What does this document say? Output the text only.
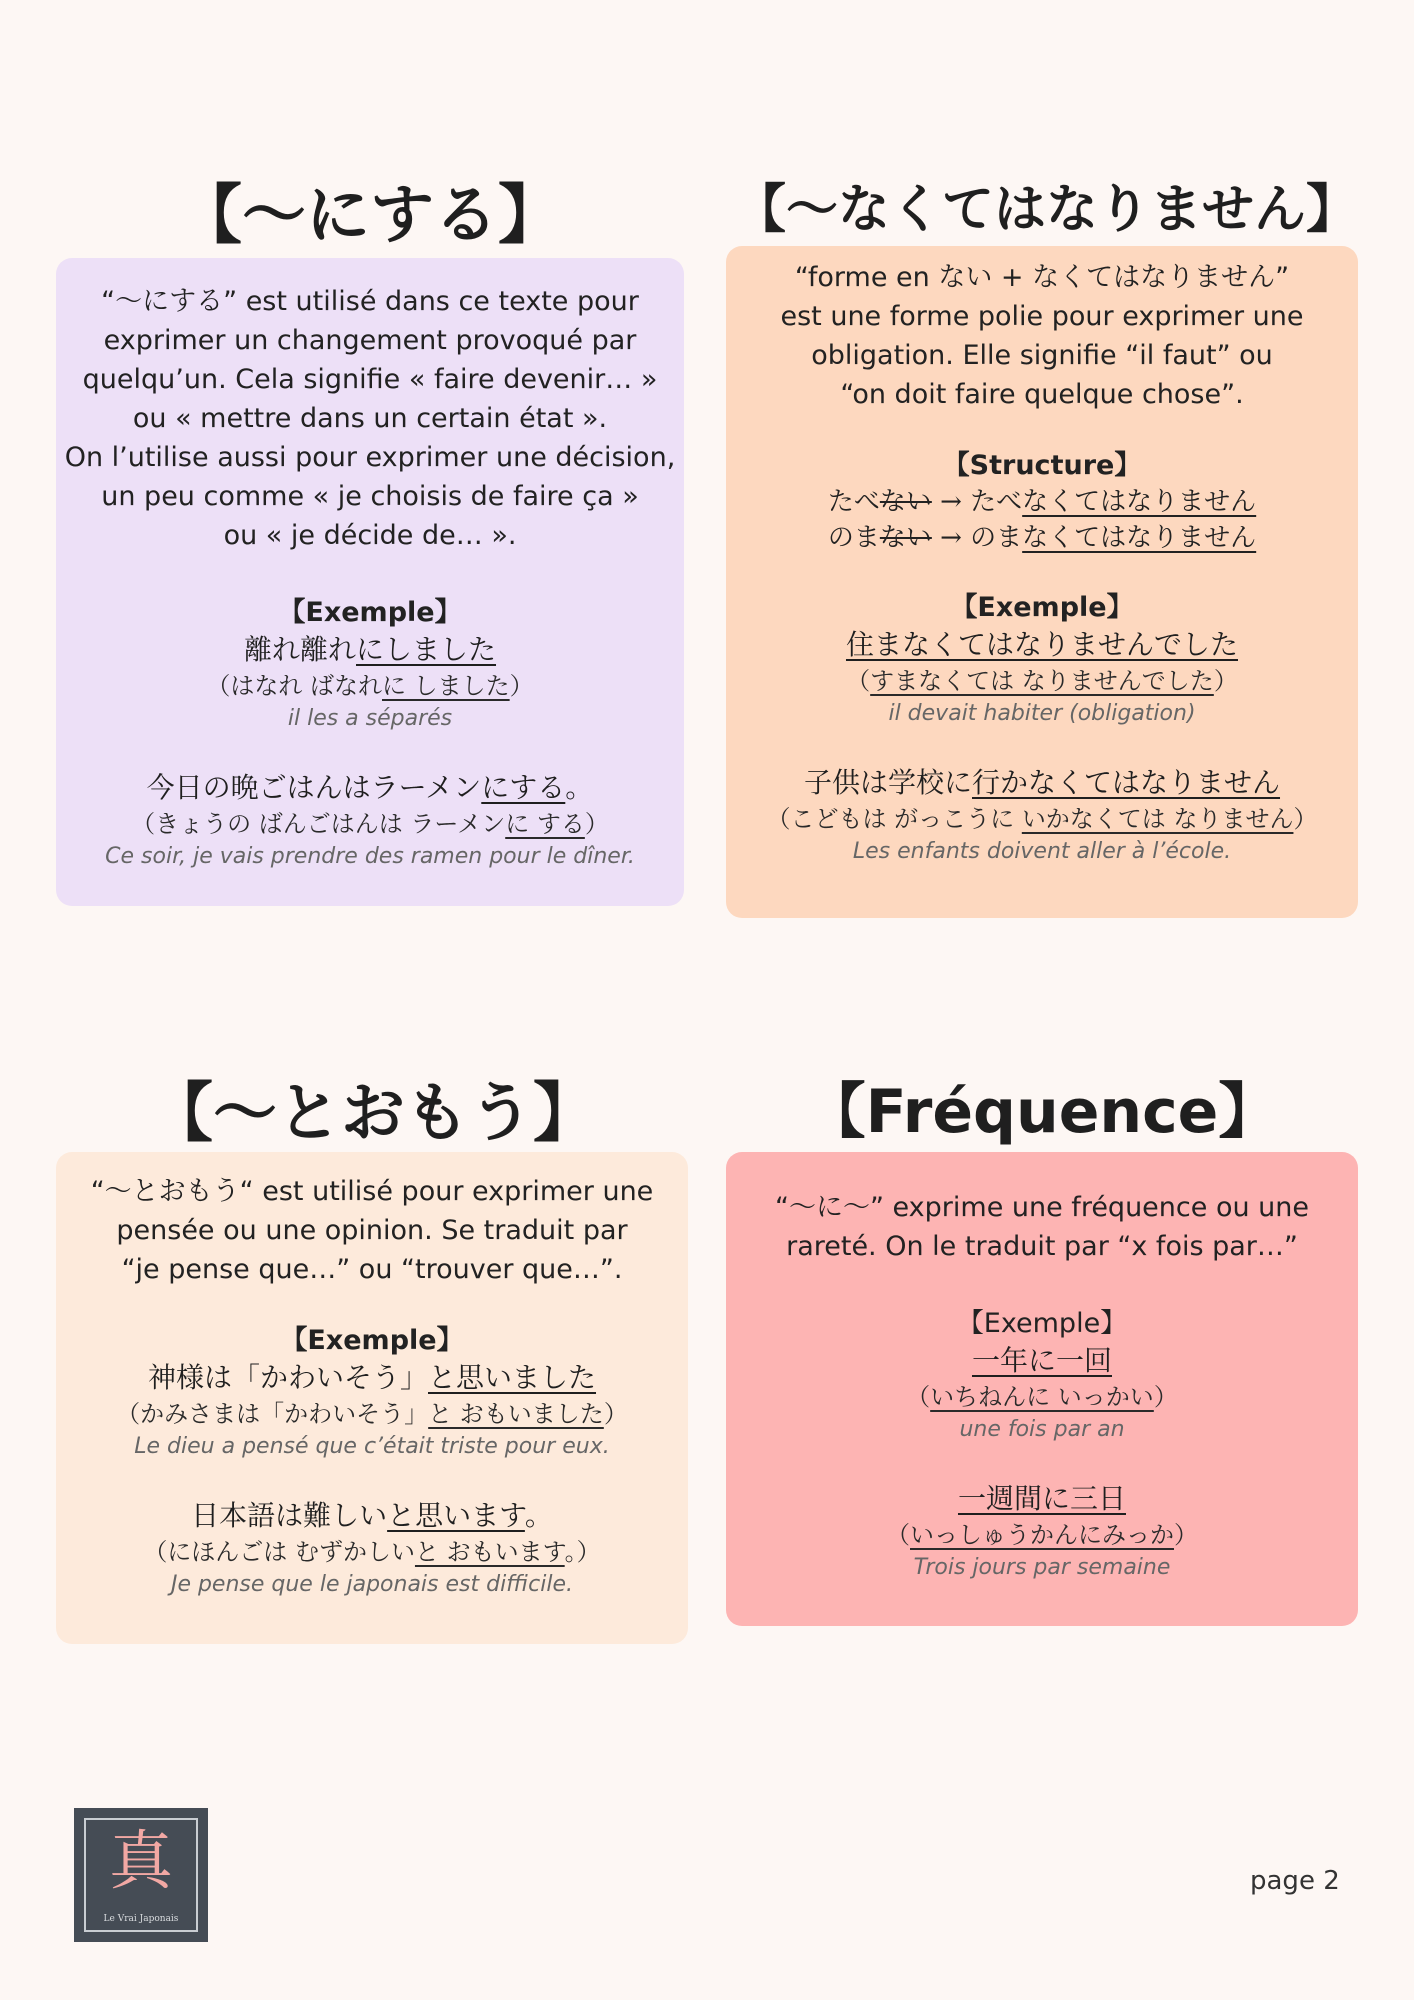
【〜にする】
“〜にする” est utilisé dans ce texte pour
exprimer un changement provoqué par
quelqu’un. Cela signifie « faire devenir… »
ou « mettre dans un certain état ».
On l’utilise aussi pour exprimer une décision,
un peu comme « je choisis de faire ça »
ou « je décide de… ».
【Exemple】
離れ離れにしました
（はなれ ばなれに しました）
il les a séparés
今日の晩ごはんはラーメンにする。
（きょうの ばんごはんは ラーメンに する）
Ce soir, je vais prendre des ramen pour le dîner.
【〜なくてはなりません】
“forme en ない + なくてはなりません”
est une forme polie pour exprimer une
obligation. Elle signifie “il faut” ou
“on doit faire quelque chose”.
【Structure】
たべない → たべなくてはなりません
のまない → のまなくてはなりません
【Exemple】
住まなくてはなりませんでした
（すまなくては なりませんでした）
il devait habiter (obligation)
子供は学校に行かなくてはなりません
（こどもは がっこうに いかなくては なりません）
Les enfants doivent aller à l’école.
【〜とおもう】
“〜とおもう“ est utilisé pour exprimer une
pensée ou une opinion. Se traduit par
“je pense que…” ou “trouver que…”.
【Exemple】
神様は「かわいそう」と思いました
（かみさまは「かわいそう」と おもいました）
Le dieu a pensé que c’était triste pour eux.
日本語は難しいと思います。
（にほんごは むずかしいと おもいます。）
Je pense que le japonais est difficile.
【Fréquence】
“〜に〜” exprime une fréquence ou une
rareté. On le traduit par “x fois par…”
【Exemple】
一年に一回
（いちねんに いっかい）
une fois par an
一週間に三日
（いっしゅうかんにみっか）
Trois jours par semaine
真
Le Vrai Japonais
page 2
